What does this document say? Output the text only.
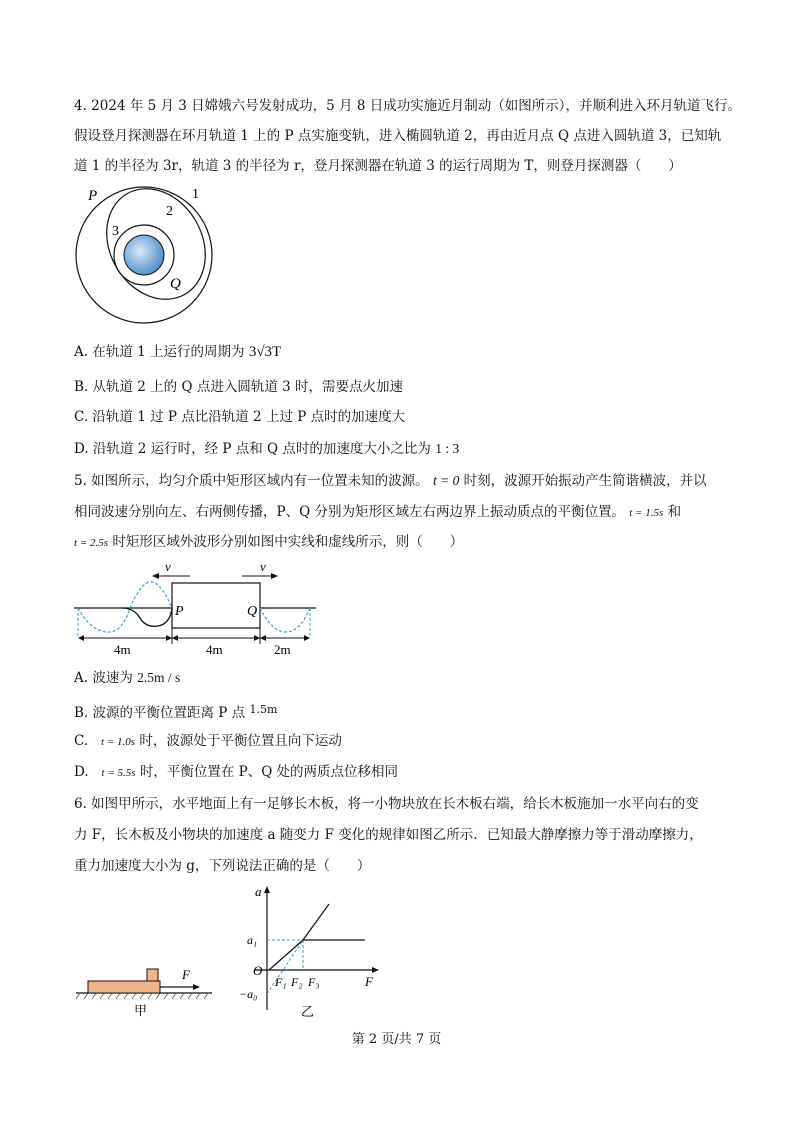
4. 2024 年 5 月 3 日嫦娥六号发射成功，5 月 8 日成功实施近月制动（如图所示），并顺利进入环月轨道飞行。
假设登月探测器在环月轨道 1 上的 P 点实施变轨，进入椭圆轨道 2，再由近月点 Q 点进入圆轨道 3，已知轨
道 1 的半径为 3r，轨道 3 的半径为 r，登月探测器在轨道 3 的运行周期为 T，则登月探测器（　　）
P	1
2
3
Q
A. 在轨道 1 上运行的周期为 3√3T
B. 从轨道 2 上的 Q 点进入圆轨道 3 时，需要点火加速
C. 沿轨道 1 过 P 点比沿轨道 2 上过 P 点时的加速度大
D. 沿轨道 2 运行时，经 P 点和 Q 点时的加速度大小之比为 1 : 3
5. 如图所示，均匀介质中矩形区域内有一位置未知的波源。 t = 0 时刻，波源开始振动产生简谐横波，并以
相同波速分别向左、右两侧传播，P、Q 分别为矩形区域左右两边界上振动质点的平衡位置。 t = 1.5s 和
t = 2.5s 时矩形区域外波形分别如图中实线和虚线所示，则（　　）
v	v
P	Q
4m	4m	2m
A. 波速为 2.5m / s
B. 波源的平衡位置距离 P 点 $^{1.5m}$
C.   t = 1.0s 时，波源处于平衡位置且向下运动
D.   t = 5.5s 时，平衡位置在 P、Q 处的两质点位移相同
6. 如图甲所示，水平地面上有一足够长木板，将一小物块放在长木板右端，给长木板施加一水平向右的变
力 F，长木板及小物块的加速度 a 随变力 F 变化的规律如图乙所示．已知最大静摩擦力等于滑动摩擦力，
重力加速度大小为 g，下列说法正确的是（　　）
F
甲
a
F
O
a₁
−a₀
F₁ F₂ F₃
乙
第 2 页/共 7 页
